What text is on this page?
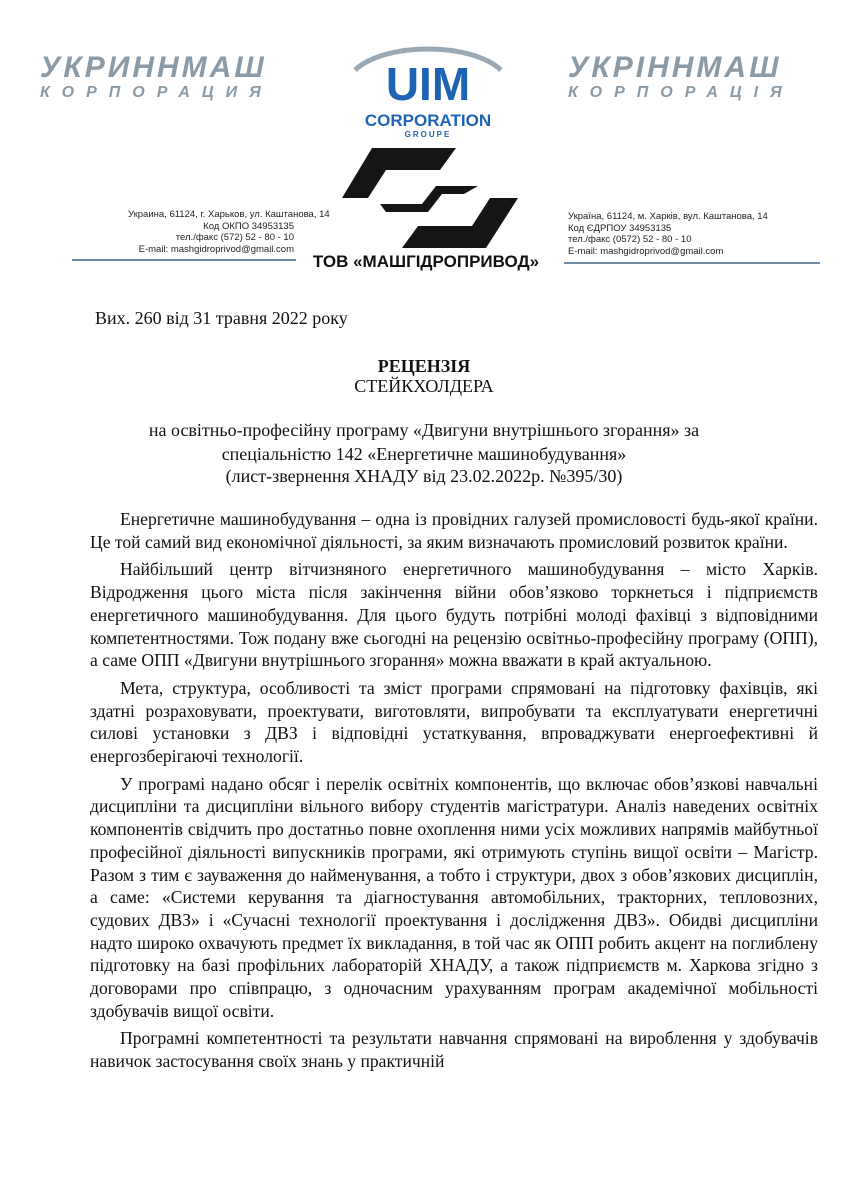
УКРИННМАШ
КОРПОРАЦИЯ UIM
CORPORATION
GROUPE
ТОВ «МАШГІДРОПРИВОД»
УКРІННМАШ
КОРПОРАЦІЯ
Украина, 61124, г. Харьков, ул. Каштанова, 14
Код ОКПО 34953135
тел./факс (572) 52 - 80 - 10
E-mail: mashgidroprivod@gmail.com
Україна, 61124, м. Харків, вул. Каштанова, 14
Код ЄДРПОУ 34953135
тел./факс (0572) 52 - 80 - 10
E-mail: mashgidroprivod@gmail.com
Вих. 260 від 31 травня 2022 року
РЕЦЕНЗІЯ
СТЕЙКХОЛДЕРА
на освітньо-професійну програму «Двигуни внутрішнього згорання» за
спеціальністю 142 «Енергетичне машинобудування»
(лист-звернення ХНАДУ від 23.02.2022р. №395/30)

Енергетичне машинобудування – одна із провідних галузей промисловості будь-якої країни. Це той самий вид економічної діяльності, за яким визначають промисловий розвиток країни.

Найбільший центр вітчизняного енергетичного машинобудування – місто Харків. Відродження цього міста після закінчення війни обов’язково торкнеться і підприємств енергетичного машинобудування. Для цього будуть потрібні молоді фахівці з відповідними компетентностями. Тож подану вже сьогодні на рецензію освітньо-професійну програму (ОПП), а саме ОПП «Двигуни внутрішнього згорання» можна вважати в край актуальною.

Мета, структура, особливості та зміст програми спрямовані на підготовку фахівців, які здатні розраховувати, проектувати, виготовляти, випробувати та експлуатувати енергетичні силові установки з ДВЗ і відповідні устаткування, впроваджувати енергоефективні й енергозберігаючі технології.

У програмі надано обсяг і перелік освітніх компонентів, що включає обов’язкові навчальні дисципліни та дисципліни вільного вибору студентів магістратури. Аналіз наведених освітніх компонентів свідчить про достатньо повне охоплення ними усіх можливих напрямів майбутньої професійної діяльності випускників програми, які отримують ступінь вищої освіти – Магістр. Разом з тим є зауваження до найменування, а тобто і структури, двох з обов’язкових дисциплін, а саме: «Системи керування та діагностування автомобільних, тракторних, тепловозних, судових ДВЗ» і «Сучасні технології проектування і дослідження ДВЗ». Обидві дисципліни надто широко охвачують предмет їх викладання, в той час як ОПП робить акцент на поглиблену підготовку на базі профільних лабораторій ХНАДУ, а також підприємств м. Харкова згідно з договорами про співпрацю, з одночасним урахуванням програм академічної мобільності здобувачів вищої освіти.

Програмні компетентності та результати навчання спрямовані на вироблення у здобувачів навичок застосування своїх знань у практичній
